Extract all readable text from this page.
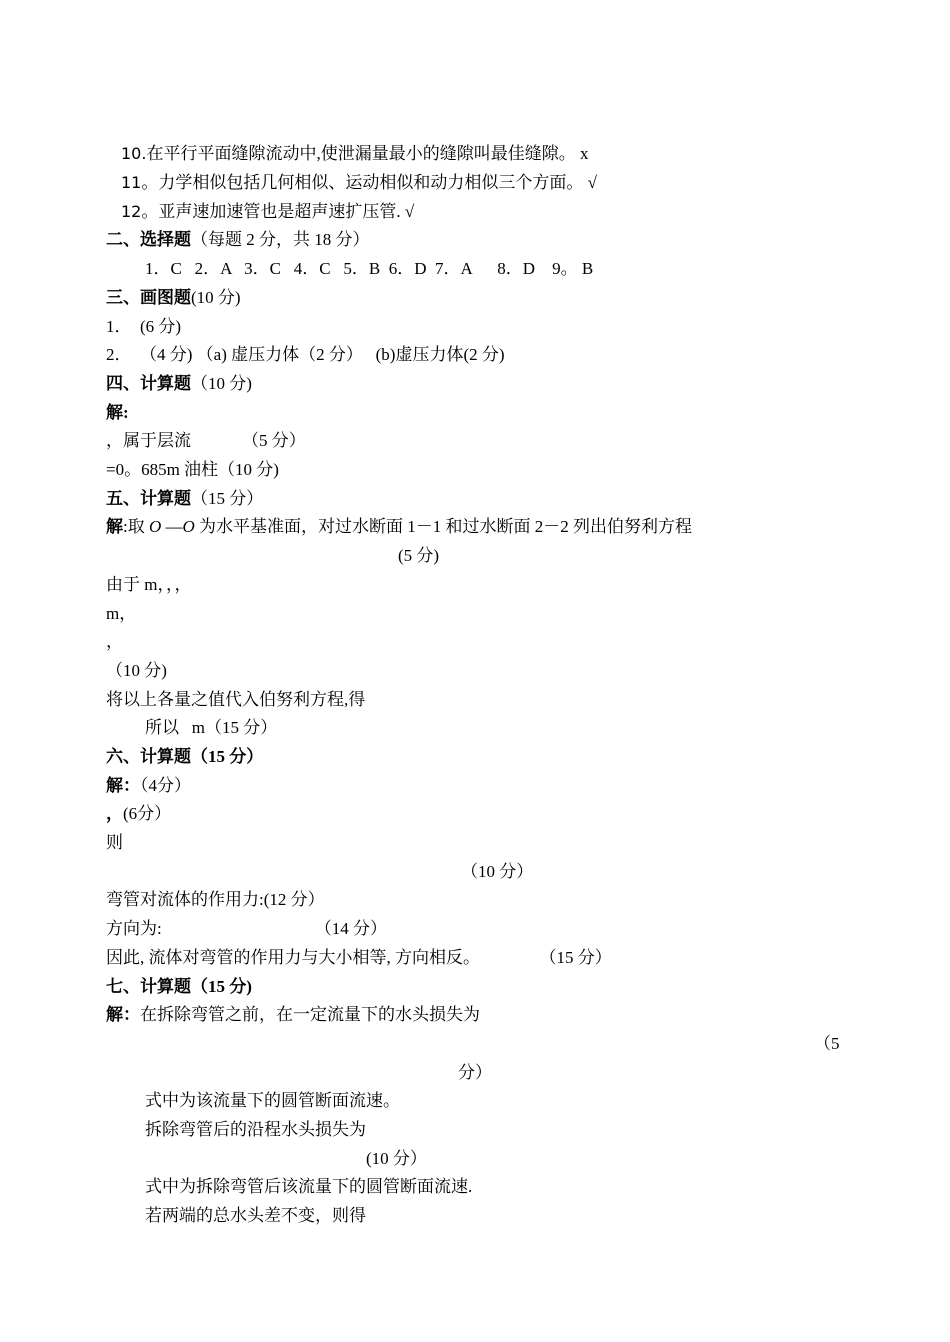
10.在平行平面缝隙流动中,使泄漏量最小的缝隙叫最佳缝隙。 x
11。力学相似包括几何相似、运动相似和动力相似三个方面。 √
12。亚声速加速管也是超声速扩压管. √
二、选择题（每题 2 分，共 18 分）
1．C   2．A   3．C   4．C   5．B  6．D  7．A      8．D    9。 B
三、画图题(10 分)
1．  (6 分)
2．  （4 分) （a) 虚压力体（2 分）   (b)虚压力体(2 分)
四、计算题（10 分)
解:
，属于层流            （5 分）
=0。685m 油柱（10 分)
五、计算题（15 分）
解:取 O —O 为水平基准面，对过水断面 1－1 和过水断面 2－2 列出伯努利方程
(5 分)
由于 m，，，
m，
，
（10 分)
将以上各量之值代入伯努利方程,得
所以   m（15 分）
六、计算题（15 分）
解：（4分）
，(6分）
则
（10 分）
弯管对流体的作用力:(12 分）
方向为:                                    （14 分）
因此, 流体对弯管的作用力与大小相等, 方向相反。              （15 分）
七、计算题（15 分)
解：在拆除弯管之前，在一定流量下的水头损失为
（5
分）
式中为该流量下的圆管断面流速。
拆除弯管后的沿程水头损失为
(10 分）
式中为拆除弯管后该流量下的圆管断面流速.
若两端的总水头差不变，则得
